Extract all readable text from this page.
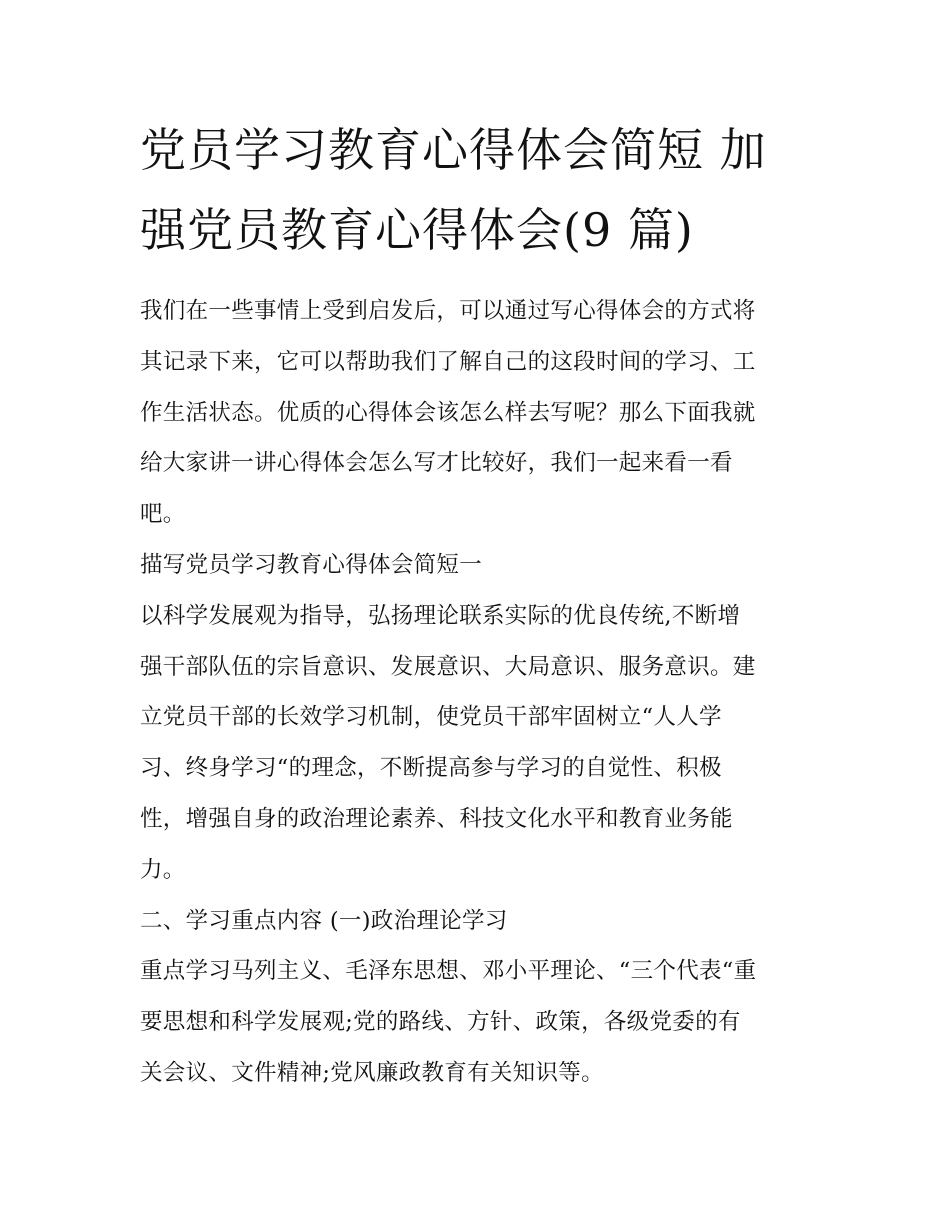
党员学习教育心得体会简短 加
强党员教育心得体会(9 篇)

我们在一些事情上受到启发后，可以通过写心得体会的方式将
其记录下来，它可以帮助我们了解自己的这段时间的学习、工
作生活状态。优质的心得体会该怎么样去写呢？那么下面我就
给大家讲一讲心得体会怎么写才比较好，我们一起来看一看
吧。

描写党员学习教育心得体会简短一

以科学发展观为指导，弘扬理论联系实际的优良传统,不断增
强干部队伍的宗旨意识、发展意识、大局意识、服务意识。建
立党员干部的长效学习机制，使党员干部牢固树立“人人学
习、终身学习“的理念，不断提高参与学习的自觉性、积极
性，增强自身的政治理论素养、科技文化水平和教育业务能
力。

二、学习重点内容 (一)政治理论学习

重点学习马列主义、毛泽东思想、邓小平理论、“三个代表“重
要思想和科学发展观;党的路线、方针、政策，各级党委的有
关会议、文件精神;党风廉政教育有关知识等。
